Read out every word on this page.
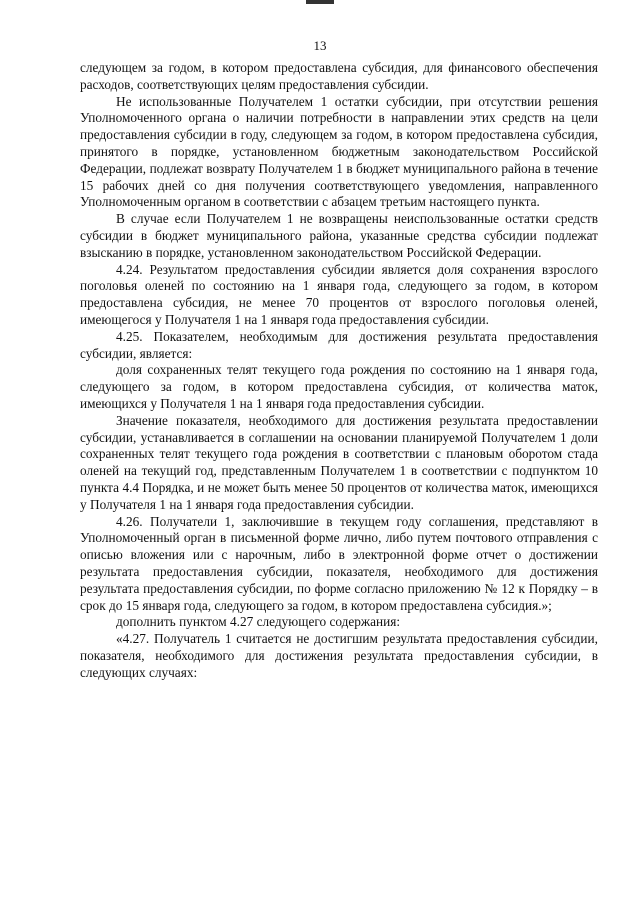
13

следующем за годом, в котором предоставлена субсидия, для финансового обеспечения расходов, соответствующих целям предоставления субсидии.

Не использованные Получателем 1 остатки субсидии, при отсутствии решения Уполномоченного органа о наличии потребности в направлении этих средств на цели предоставления субсидии в году, следующем за годом, в котором предоставлена субсидия, принятого в порядке, установленном бюджетным законодательством Российской Федерации, подлежат возврату Получателем 1 в бюджет муниципального района в течение 15 рабочих дней со дня получения соответствующего уведомления, направленного Уполномоченным органом в соответствии с абзацем третьим настоящего пункта.

В случае если Получателем 1 не возвращены неиспользованные остатки средств субсидии в бюджет муниципального района, указанные средства субсидии подлежат взысканию в порядке, установленном законодательством Российской Федерации.

4.24. Результатом предоставления субсидии является доля сохранения взрослого поголовья оленей по состоянию на 1 января года, следующего за годом, в котором предоставлена субсидия, не менее 70 процентов от взрослого поголовья оленей, имеющегося у Получателя 1 на 1 января года предоставления субсидии.

4.25. Показателем, необходимым для достижения результата предоставления субсидии, является:

доля сохраненных телят текущего года рождения по состоянию на 1 января года, следующего за годом, в котором предоставлена субсидия, от количества маток, имеющихся у Получателя 1 на 1 января года предоставления субсидии.

Значение показателя, необходимого для достижения результата предоставлении субсидии, устанавливается в соглашении на основании планируемой Получателем 1 доли сохраненных телят текущего года рождения в соответствии с плановым оборотом стада оленей на текущий год, представленным Получателем 1 в соответствии с подпунктом 10 пункта 4.4 Порядка, и не может быть менее 50 процентов от количества маток, имеющихся у Получателя 1 на 1 января года предоставления субсидии.

4.26. Получатели 1, заключившие в текущем году соглашения, представляют в Уполномоченный орган в письменной форме лично, либо путем почтового отправления с описью вложения или с нарочным, либо в электронной форме отчет о достижении результата предоставления субсидии, показателя, необходимого для достижения результата предоставления субсидии, по форме согласно приложению № 12 к Порядку – в срок до 15 января года, следующего за годом, в котором предоставлена субсидия.»;

дополнить пунктом 4.27 следующего содержания:

«4.27. Получатель 1 считается не достигшим результата предоставления субсидии, показателя, необходимого для достижения результата предоставления субсидии, в следующих случаях:
